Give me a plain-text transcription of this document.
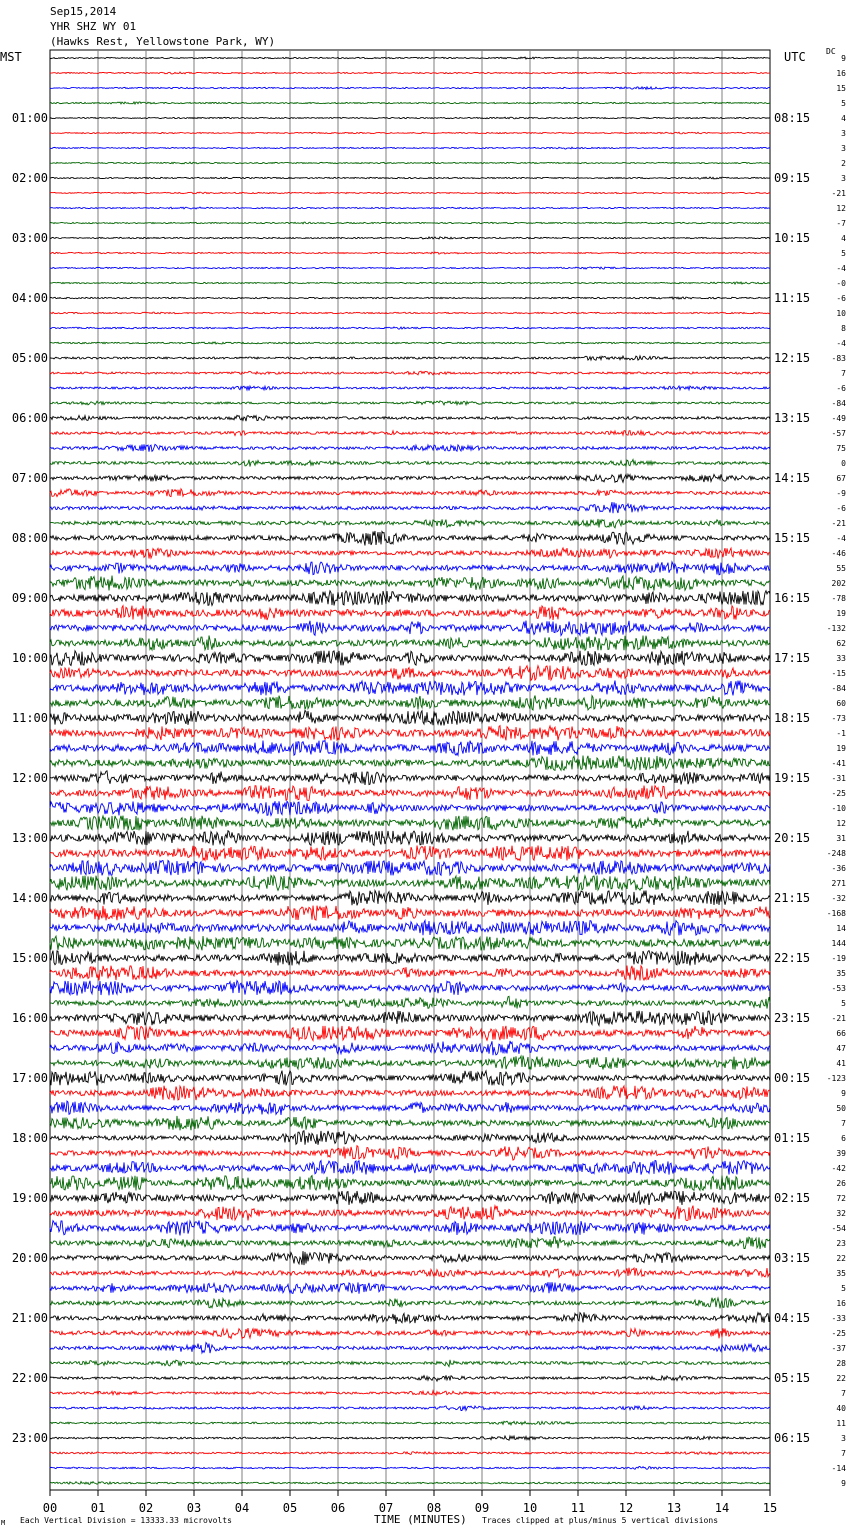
00	01	02	03	04	05	06	07	08	09	10	11	12	13	14	15
9
16
15
5
4
3
3
2
3
-21
12
-7
4
5
-4
-0
-6
10
8
-4
-83
7
-6
-84
-49
-57
75
0
67
-9
-6
-21
-4
-46
55
202
-78
19
-132
62
33
-15
-84
60
-73
-1
19
-41
-31
-25
-10
12
31
-248
-36
271
-32
-168
14
144
-19
35
-53
5
-21
66
47
41
-123
9
50
7
6
39
-42
26
72
32
-54
23
22
35
5
16
-33
-25
-37
28
22
7
40
11
3
7
-14
9
01:00
02:00
03:00
04:00
05:00
06:00
07:00
08:00
09:00
10:00
11:00
12:00
13:00
14:00
15:00
16:00
17:00
18:00
19:00
20:00
21:00
22:00
23:00
08:15
09:15
10:15
11:15
12:15
13:15
14:15
15:15
16:15
17:15
18:15
19:15
20:15
21:15
22:15
23:15
00:15
01:15
02:15
03:15
04:15
05:15
06:15
Sep15,2014
YHR SHZ WY 01
(Hawks Rest, Yellowstone Park, WY)
MST	UTC	DC
M Each Vertical Division = 13333.33 microvolts	TIME (MINUTES) Traces clipped at plus/minus 5 vertical divisions
